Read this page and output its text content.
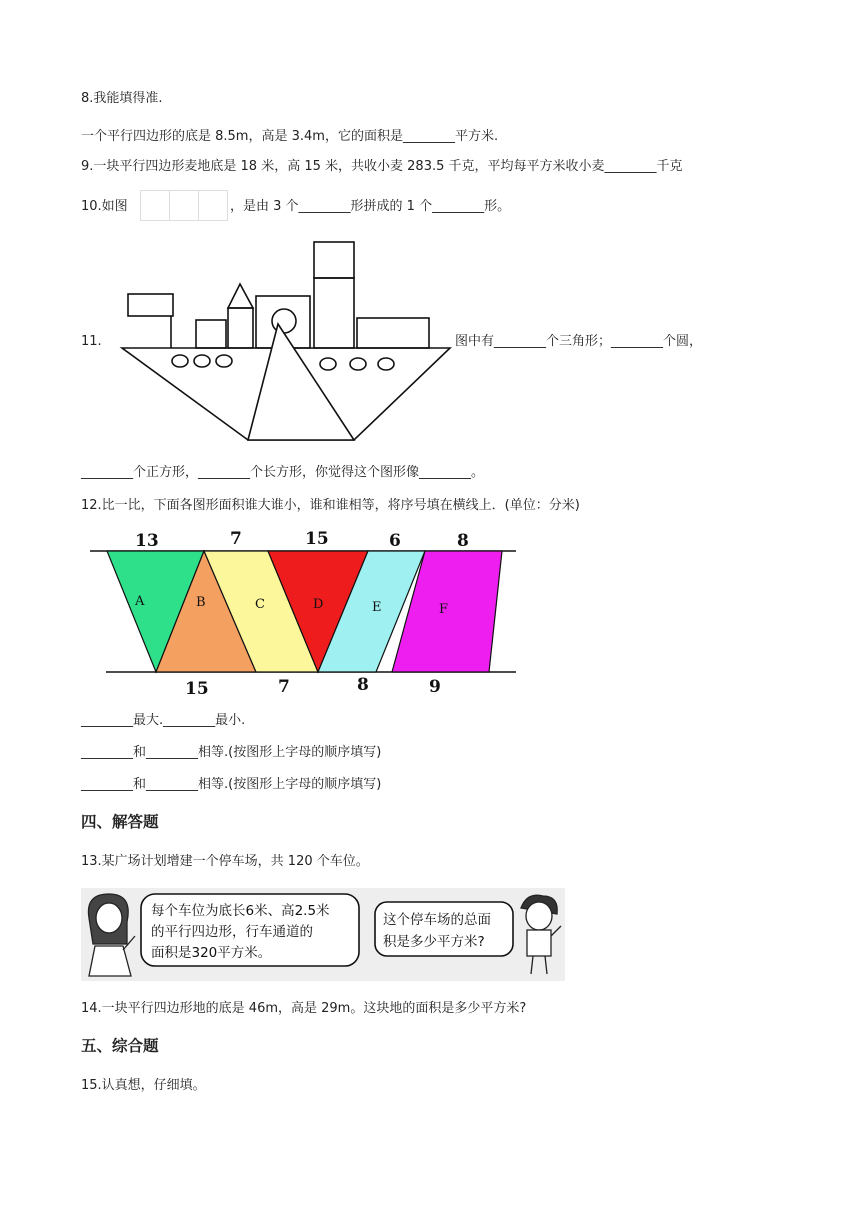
8.我能填得准.
一个平行四边形的底是 8.5m，高是 3.4m，它的面积是________平方米.
9.一块平行四边形麦地底是 18 米，高 15 米，共收小麦 283.5 千克，平均每平方米收小麦________千克
10.如图	，是由 3 个________形拼成的 1 个________形。
11.	图中有________个三角形；________个圆，
________个正方形，________个长方形，你觉得这个图形像________。
12.比一比，下面各图形面积谁大谁小，谁和谁相等，将序号填在横线上．(单位：分米)
13	7	15	6	8
15	7	8	9
A	B	C	D	E	F
________最大.________最小.
________和________相等.(按图形上字母的顺序填写)
________和________相等.(按图形上字母的顺序填写)
四、解答题
13.某广场计划增建一个停车场，共 120 个车位。
每个车位为底长6米、高2.5米
的平行四边形，行车通道的
面积是320平方米。
这个停车场的总面
积是多少平方米?
14.一块平行四边形地的底是 46m，高是 29m。这块地的面积是多少平方米?
五、综合题
15.认真想，仔细填。
